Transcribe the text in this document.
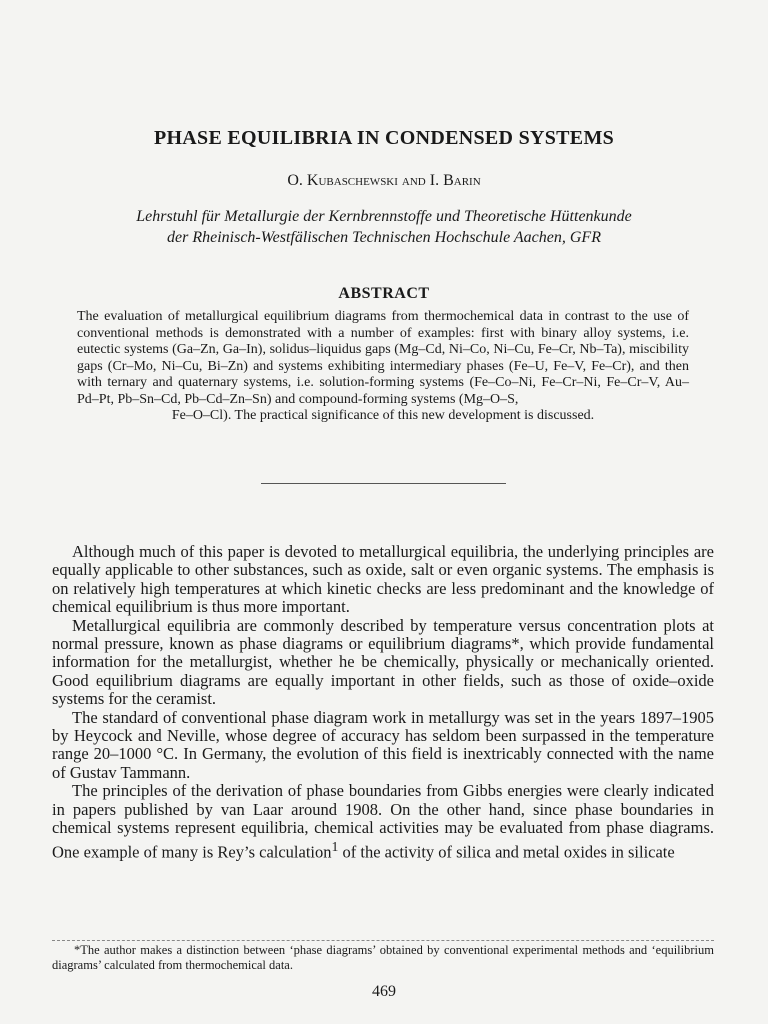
PHASE EQUILIBRIA IN CONDENSED SYSTEMS
O. Kubaschewski and I. Barin
Lehrstuhl für Metallurgie der Kernbrennstoffe und Theoretische Hüttenkunde
der Rheinisch-Westfälischen Technischen Hochschule Aachen, GFR
ABSTRACT
The evaluation of metallurgical equilibrium diagrams from thermochemical data in contrast to the use of conventional methods is demonstrated with a number of examples: first with binary alloy systems, i.e. eutectic systems (Ga–Zn, Ga–In), solidus–liquidus gaps (Mg–Cd, Ni–Co, Ni–Cu, Fe–Cr, Nb–Ta), miscibility gaps (Cr–Mo, Ni–Cu, Bi–Zn) and systems exhibiting intermediary phases (Fe–U, Fe–V, Fe–Cr), and then with ternary and quaternary systems, i.e. solution-forming systems (Fe–Co–Ni, Fe–Cr–Ni, Fe–Cr–V, Au–Pd–Pt, Pb–Sn–Cd, Pb–Cd–Zn–Sn) and compound-forming systems (Mg–O–S,
Fe–O–Cl). The practical significance of this new development is discussed.

Although much of this paper is devoted to metallurgical equilibria, the underlying principles are equally applicable to other substances, such as oxide, salt or even organic systems. The emphasis is on relatively high temperatures at which kinetic checks are less predominant and the knowledge of chemical equilibrium is thus more important.

Metallurgical equilibria are commonly described by temperature versus concentration plots at normal pressure, known as phase diagrams or equilibrium diagrams*, which provide fundamental information for the metallurgist, whether he be chemically, physically or mechanically oriented. Good equilibrium diagrams are equally important in other fields, such as those of oxide–oxide systems for the ceramist.

The standard of conventional phase diagram work in metallurgy was set in the years 1897–1905 by Heycock and Neville, whose degree of accuracy has seldom been surpassed in the temperature range 20–1000 °C. In Germany, the evolution of this field is inextricably connected with the name of Gustav Tammann.

The principles of the derivation of phase boundaries from Gibbs energies were clearly indicated in papers published by van Laar around 1908. On the other hand, since phase boundaries in chemical systems represent equilibria, chemical activities may be evaluated from phase diagrams. One example of many is Rey’s calculation$^1$ of the activity of silica and metal oxides in silicate

*The author makes a distinction between ‘phase diagrams’ obtained by conventional experimental methods and ‘equilibrium diagrams’ calculated from thermochemical data.
469
